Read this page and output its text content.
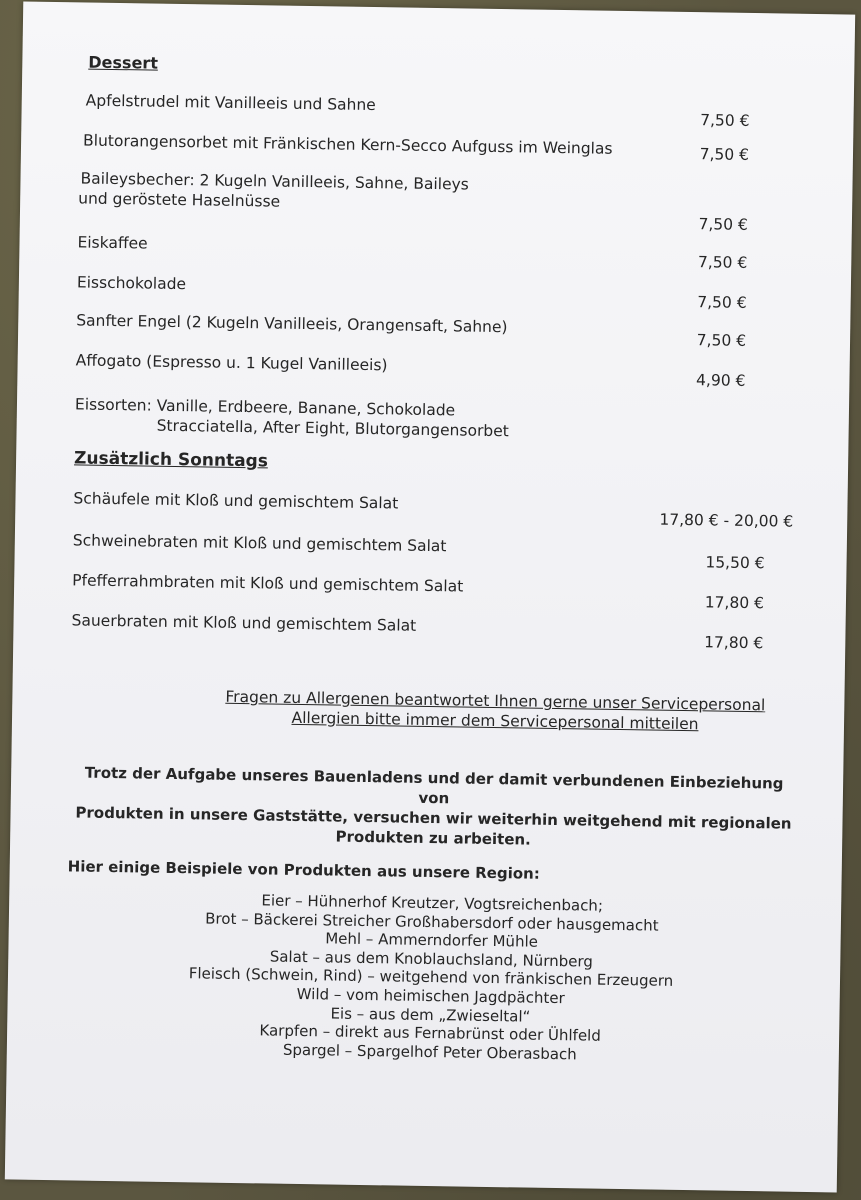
Dessert
Apfelstrudel mit Vanilleeis und Sahne
7,50 €
Blutorangensorbet mit Fränkischen Kern-Secco Aufguss im Weinglas	7,50 €
Baileysbecher: 2 Kugeln Vanilleeis, Sahne, Baileys
und geröstete Haselnüsse
7,50 €
Eiskaffee
7,50 €
Eisschokolade
7,50 €
Sanfter Engel (2 Kugeln Vanilleeis, Orangensaft, Sahne)
7,50 €
Affogato (Espresso u. 1 Kugel Vanilleeis)
4,90 €
Eissorten: Vanille, Erdbeere, Banane, Schokolade
Stracciatella, After Eight, Blutorgangensorbet
Zusätzlich Sonntags
Schäufele mit Kloß und gemischtem Salat
17,80 € - 20,00 €
Schweinebraten mit Kloß und gemischtem Salat
15,50 €
Pfefferrahmbraten mit Kloß und gemischtem Salat
17,80 €
Sauerbraten mit Kloß und gemischtem Salat
17,80 €
Fragen zu Allergenen beantwortet Ihnen gerne unser Servicepersonal
Allergien bitte immer dem Servicepersonal mitteilen
Trotz der Aufgabe unseres Bauenladens und der damit verbundenen Einbeziehung von
Produkten in unsere Gaststätte, versuchen wir weiterhin weitgehend mit regionalen
Produkten zu arbeiten.
Hier einige Beispiele von Produkten aus unsere Region:
Eier – Hühnerhof Kreutzer, Vogtsreichenbach;
Brot – Bäckerei Streicher Großhabersdorf oder hausgemacht
Mehl – Ammerndorfer Mühle
Salat – aus dem Knoblauchsland, Nürnberg
Fleisch (Schwein, Rind) – weitgehend von fränkischen Erzeugern
Wild – vom heimischen Jagdpächter
Eis – aus dem „Zwieseltal“
Karpfen – direkt aus Fernabrünst oder Ühlfeld
Spargel – Spargelhof Peter Oberasbach
